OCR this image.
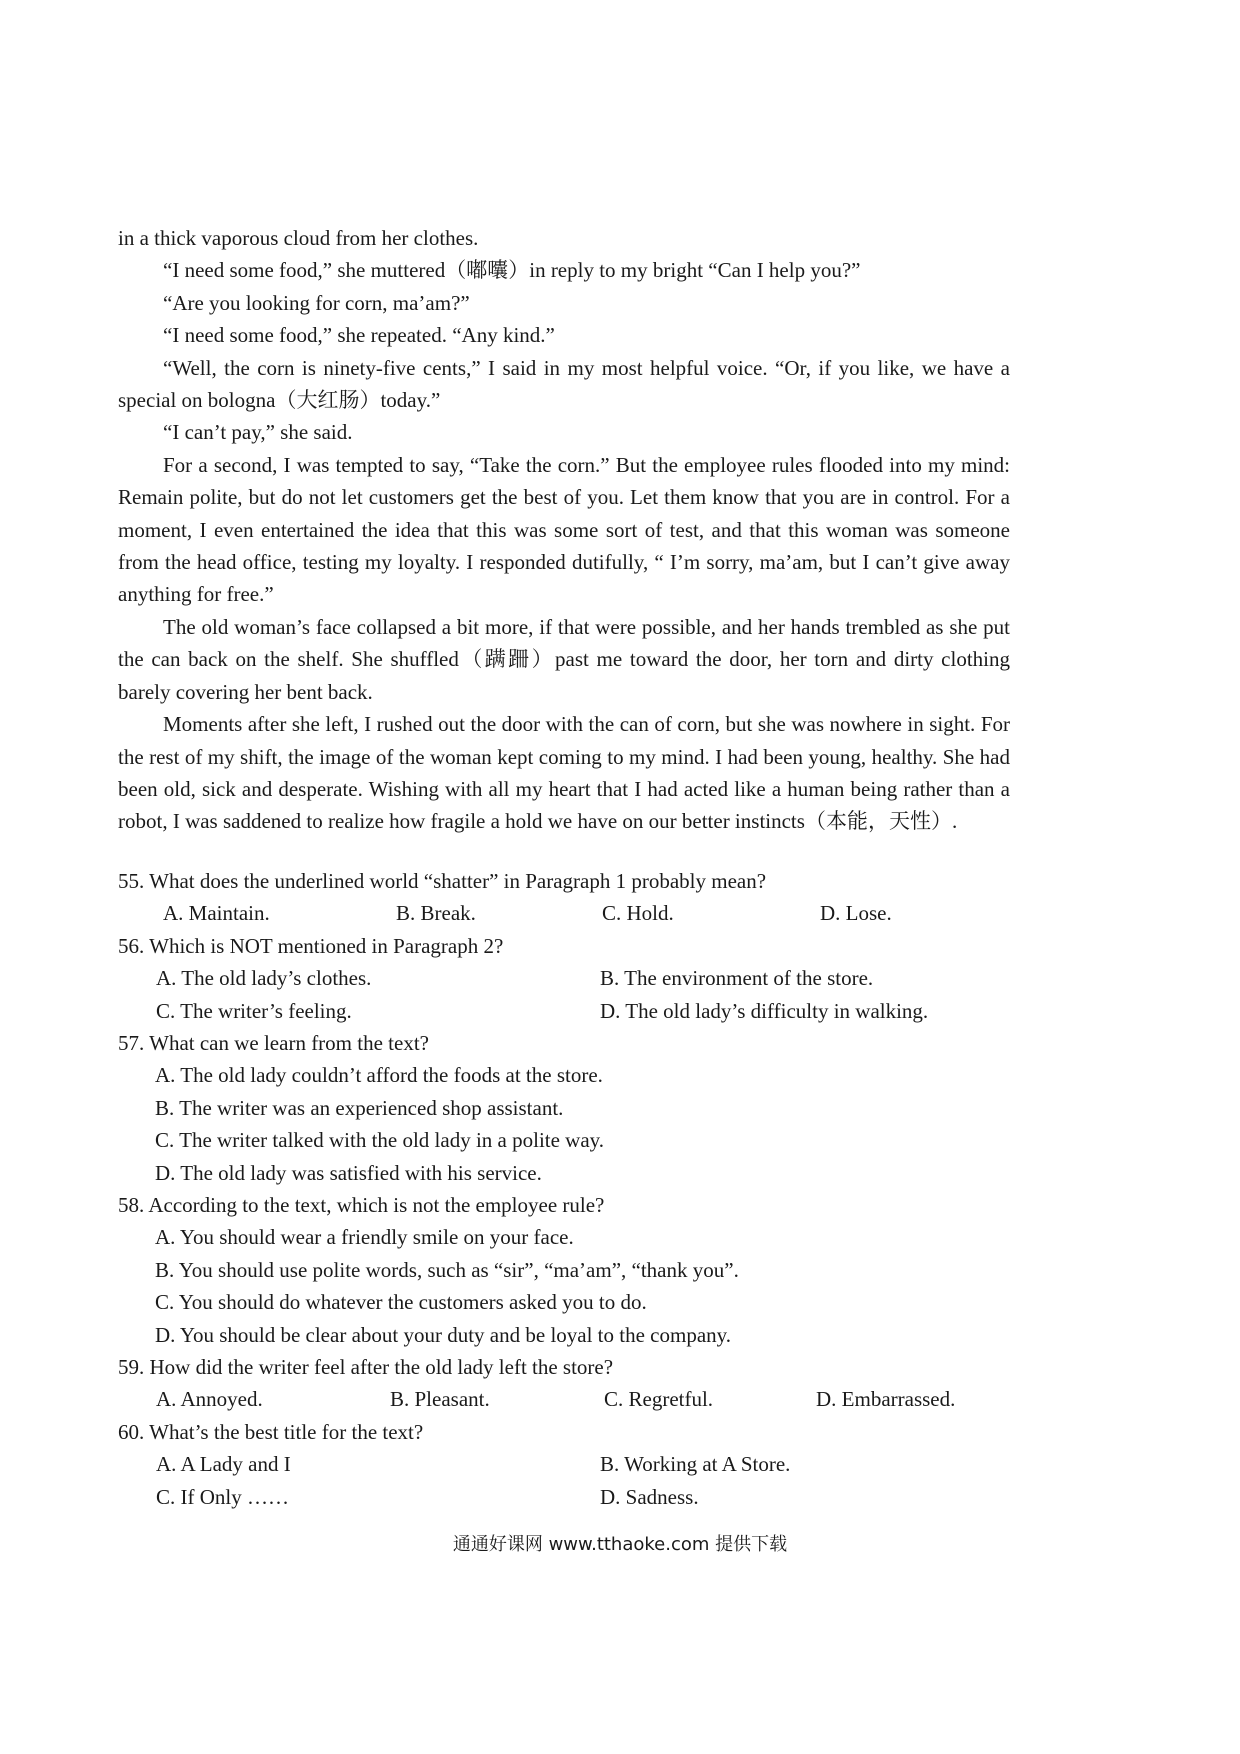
in a thick vaporous cloud from her clothes.

“I need some food,” she muttered（嘟囔）in reply to my bright “Can I help you?”

“Are you looking for corn, ma’am?”

“I need some food,” she repeated. “Any kind.”

“Well, the corn is ninety-five cents,” I said in my most helpful voice. “Or, if you like, we have a special on bologna（大红肠）today.”

“I can’t pay,” she said.

For a second, I was tempted to say, “Take the corn.” But the employee rules flooded into my mind: Remain polite, but do not let customers get the best of you. Let them know that you are in control. For a moment, I even entertained the idea that this was some sort of test, and that this woman was someone from the head office, testing my loyalty. I responded dutifully, “ I’m sorry, ma’am, but I can’t give away anything for free.”

The old woman’s face collapsed a bit more, if that were possible, and her hands trembled as she put the can back on the shelf. She shuffled（蹒跚）past me toward the door, her torn and dirty clothing barely covering her bent back.

Moments after she left, I rushed out the door with the can of corn, but she was nowhere in sight. For the rest of my shift, the image of the woman kept coming to my mind. I had been young, healthy. She had been old, sick and desperate. Wishing with all my heart that I had acted like a human being rather than a robot, I was saddened to realize how fragile a hold we have on our better instincts（本能，天性）.

55. What does the underlined world “shatter” in Paragraph 1 probably mean?

A. Maintain.	B. Break.	C. Hold.	D. Lose.

56. Which is NOT mentioned in Paragraph 2?

A. The old lady’s clothes.	B. The environment of the store.
C. The writer’s feeling.	D. The old lady’s difficulty in walking.

57. What can we learn from the text?

A. The old lady couldn’t afford the foods at the store.

B. The writer was an experienced shop assistant.

C. The writer talked with the old lady in a polite way.

D. The old lady was satisfied with his service.

58. According to the text, which is not the employee rule?

A. You should wear a friendly smile on your face.

B. You should use polite words, such as “sir”, “ma’am”, “thank you”.

C. You should do whatever the customers asked you to do.

D. You should be clear about your duty and be loyal to the company.

59. How did the writer feel after the old lady left the store?

A. Annoyed.	B. Pleasant.	C. Regretful.	D. Embarrassed.

60. What’s the best title for the text?

A. A Lady and I	B. Working at A Store.
C. If Only ……	D. Sadness.
通通好课网 www.tthaoke.com 提供下载
